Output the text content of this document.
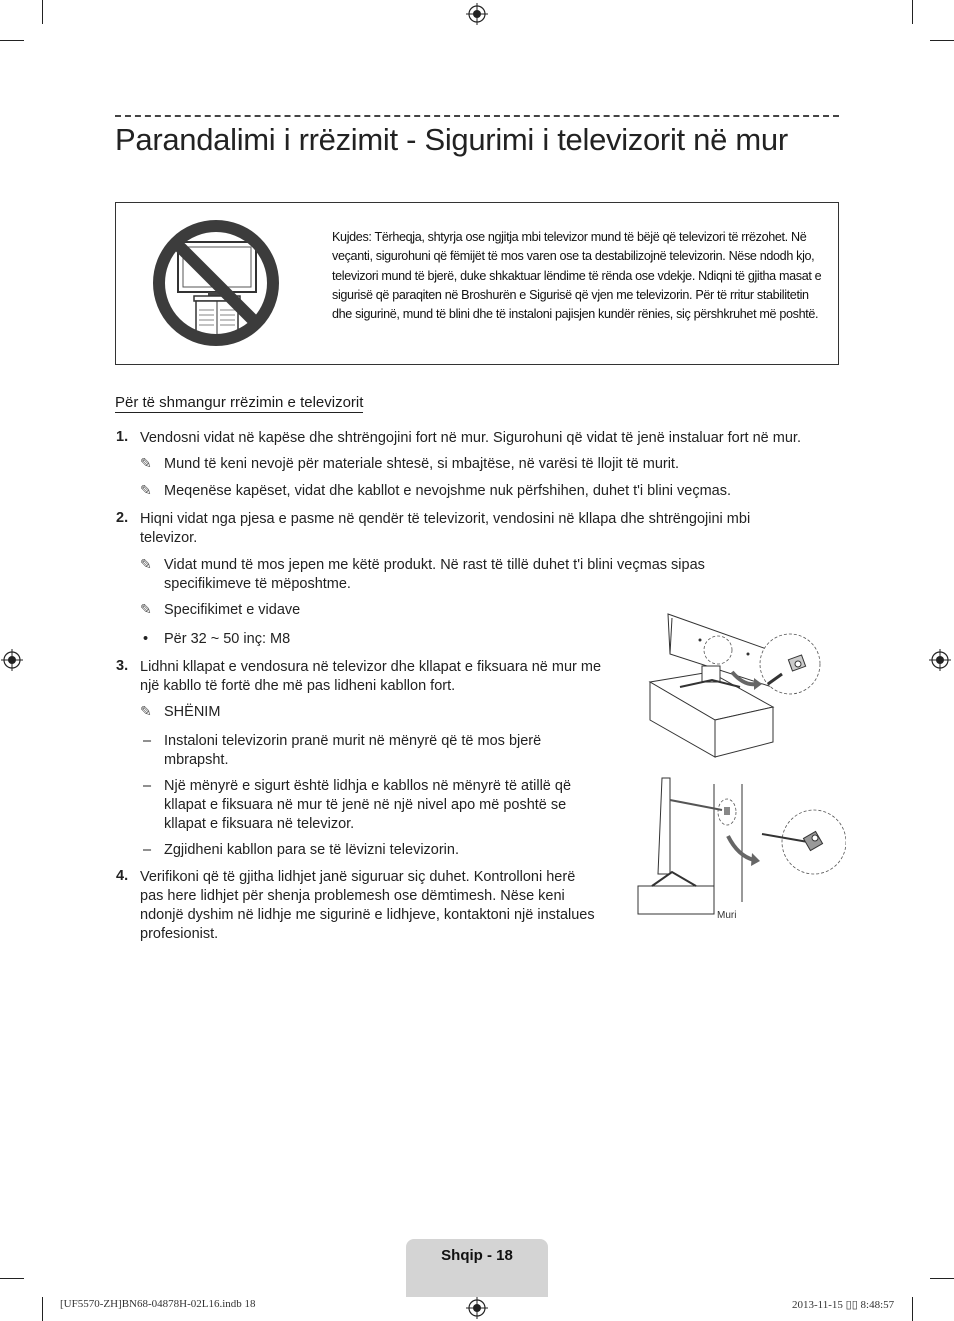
Parandalimi i rrëzimit - Sigurimi i televizorit në mur
Kujdes: Tërheqja, shtyrja ose ngjitja mbi televizor mund të bëjë që televizori të rrëzohet. Në veçanti, sigurohuni që fëmijët të mos varen ose ta destabilizojnë televizorin. Nëse ndodh kjo, televizori mund të bjerë, duke shkaktuar lëndime të rënda ose vdekje. Ndiqni të gjitha masat e sigurisë që paraqiten në Broshurën e Sigurisë që vjen me televizorin. Për të rritur stabilitetin dhe sigurinë, mund të blini dhe të instaloni pajisjen kundër rënies, siç përshkruhet më poshtë.
Për të shmangur rrëzimin e televizorit
1. Vendosni vidat në kapëse dhe shtrëngojini fort në mur. Sigurohuni që vidat të jenë instaluar fort në mur.
✎ Mund të keni nevojë për materiale shtesë, si mbajtëse, në varësi të llojit të murit.
✎ Meqenëse kapëset, vidat dhe kabllot e nevojshme nuk përfshihen, duhet t'i blini veçmas.
2. Hiqni vidat nga pjesa e pasme në qendër të televizorit, vendosini në kllapa dhe shtrëngojini mbi televizor.
✎ Vidat mund të mos jepen me këtë produkt. Në rast të tillë duhet t'i blini veçmas sipas specifikimeve të mëposhtme.
✎ Specifikimet e vidave
• Për 32 ~ 50 inç: M8
3. Lidhni kllapat e vendosura në televizor dhe kllapat e fiksuara në mur me një kabllo të fortë dhe më pas lidheni kabllon fort.
✎ SHËNIM
– Instaloni televizorin pranë murit në mënyrë që të mos bjerë mbrapsht.
– Një mënyrë e sigurt është lidhja e kabllos në mënyrë të atillë që kllapat e fiksuara në mur të jenë në një nivel apo më poshtë se kllapat e fiksuara në televizor.
– Zgjidheni kabllon para se të lëvizni televizorin.
4. Verifikoni që të gjitha lidhjet janë siguruar siç duhet. Kontrolloni herë pas here lidhjet për shenja problemesh ose dëmtimesh. Nëse keni ndonjë dyshim në lidhje me sigurinë e lidhjeve, kontaktoni një instalues profesionist.
Muri
Shqip - 18
[UF5570-ZH]BN68-04878H-02L16.indb 18	2013-11-15 ▯▯ 8:48:57
